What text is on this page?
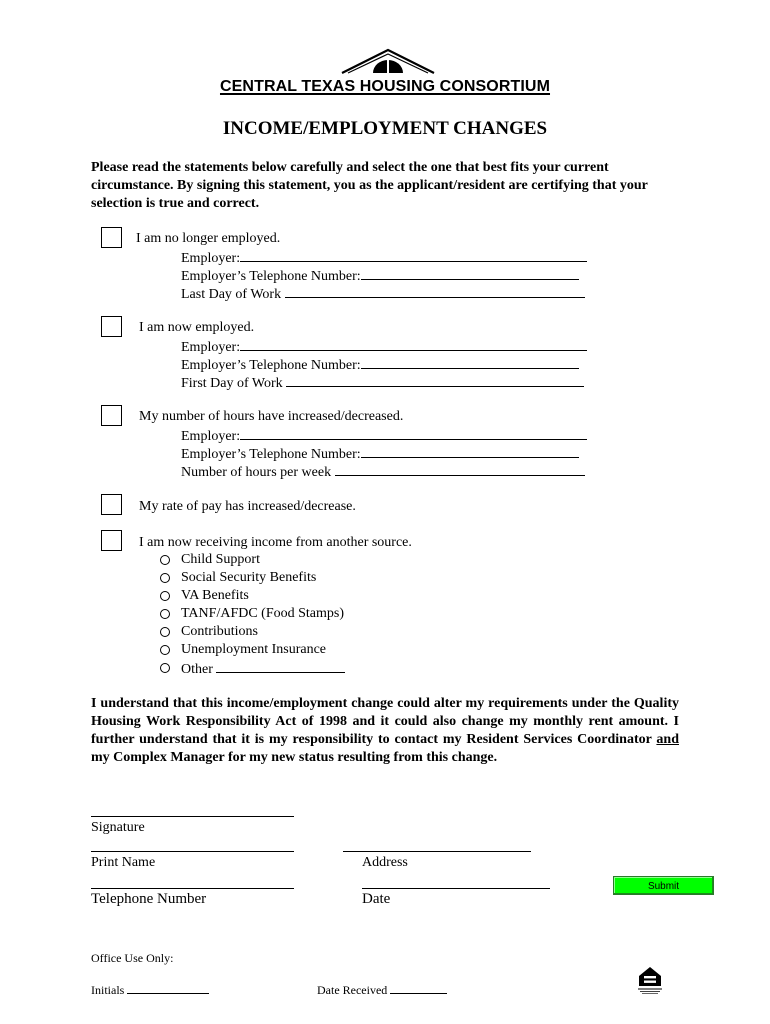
CENTRAL TEXAS HOUSING CONSORTIUM
INCOME/EMPLOYMENT CHANGES
Please read the statements below carefully and select the one that best fits your current circumstance. By signing this statement, you as the applicant/resident are certifying that your selection is true and correct.
I am no longer employed.
Employer:
Employer’s Telephone Number:
Last Day of Work
I am now employed.
Employer:
Employer’s Telephone Number:
First Day of Work
My number of hours have increased/decreased.
Employer:
Employer’s Telephone Number:
Number of hours per week
My rate of pay has increased/decrease.
I am now receiving income from another source.
Child Support
Social Security Benefits
VA Benefits
TANF/AFDC (Food Stamps)
Contributions
Unemployment Insurance
Other
I understand that this income/employment change could alter my requirements under the Quality Housing Work Responsibility Act of 1998 and it could also change my monthly rent amount. I further understand that it is my responsibility to contact my Resident Services Coordinator and my Complex Manager for my new status resulting from this change.
Signature
Print Name	Address
Telephone Number	Date
Submit
Office Use Only:
Initials	Date Received
